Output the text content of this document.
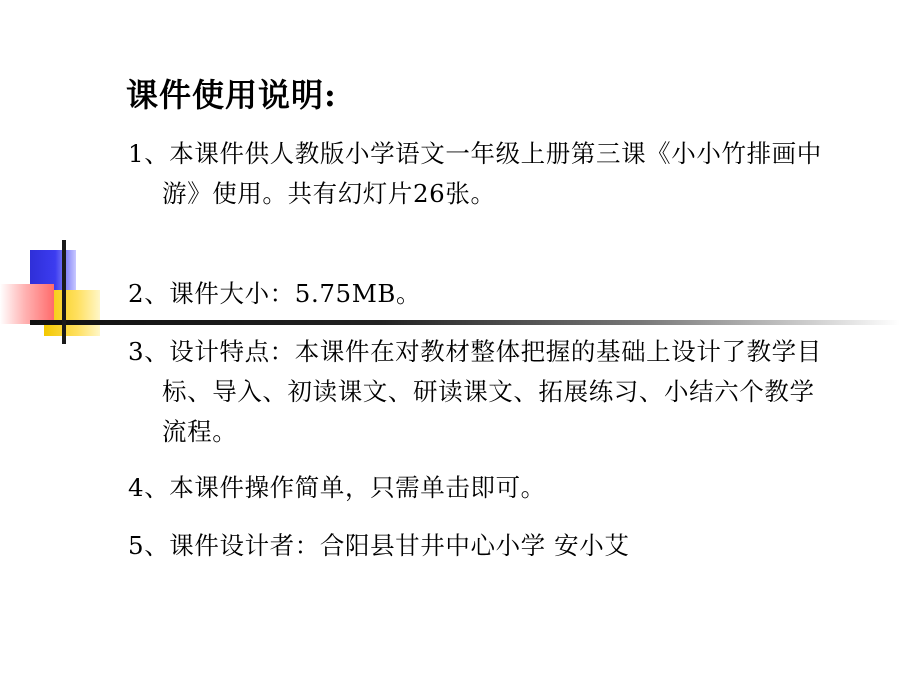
课件使用说明:
1、本课件供人教版小学语文一年级上册第三课《小小竹排画中游》使用。共有幻灯片26张。
2、课件大小：5.75MB。
3、设计特点：本课件在对教材整体把握的基础上设计了教学目标、导入、初读课文、研读课文、拓展练习、小结六个教学流程。
4、本课件操作简单，只需单击即可。
5、课件设计者：合阳县甘井中心小学 安小艾
